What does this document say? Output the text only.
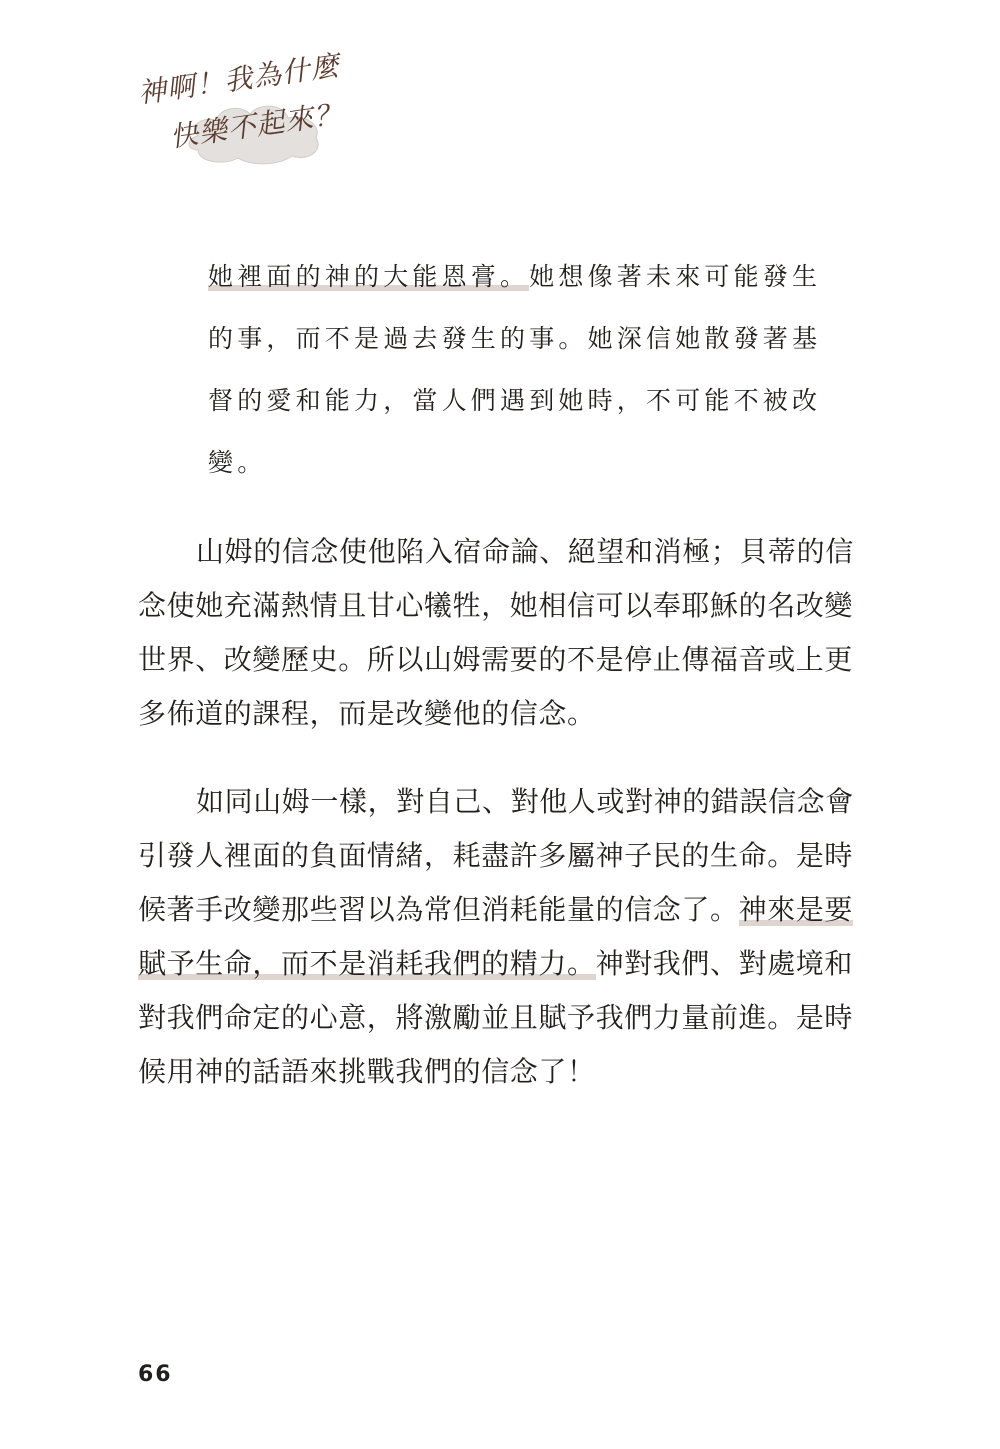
神啊！我為什麼
快樂不起來？
她裡面的神的大能恩膏。她想像著未來可能發生
的事，而不是過去發生的事。她深信她散發著基
督的愛和能力，當人們遇到她時，不可能不被改
變。
山姆的信念使他陷入宿命論、絕望和消極；貝蒂的信
念使她充滿熱情且甘心犧牲，她相信可以奉耶穌的名改變
世界、改變歷史。所以山姆需要的不是停止傳福音或上更
多佈道的課程，而是改變他的信念。
如同山姆一樣，對自己、對他人或對神的錯誤信念會
引發人裡面的負面情緒，耗盡許多屬神子民的生命。是時
候著手改變那些習以為常但消耗能量的信念了。神來是要
賦予生命，而不是消耗我們的精力。神對我們、對處境和
對我們命定的心意，將激勵並且賦予我們力量前進。是時
候用神的話語來挑戰我們的信念了！
66
